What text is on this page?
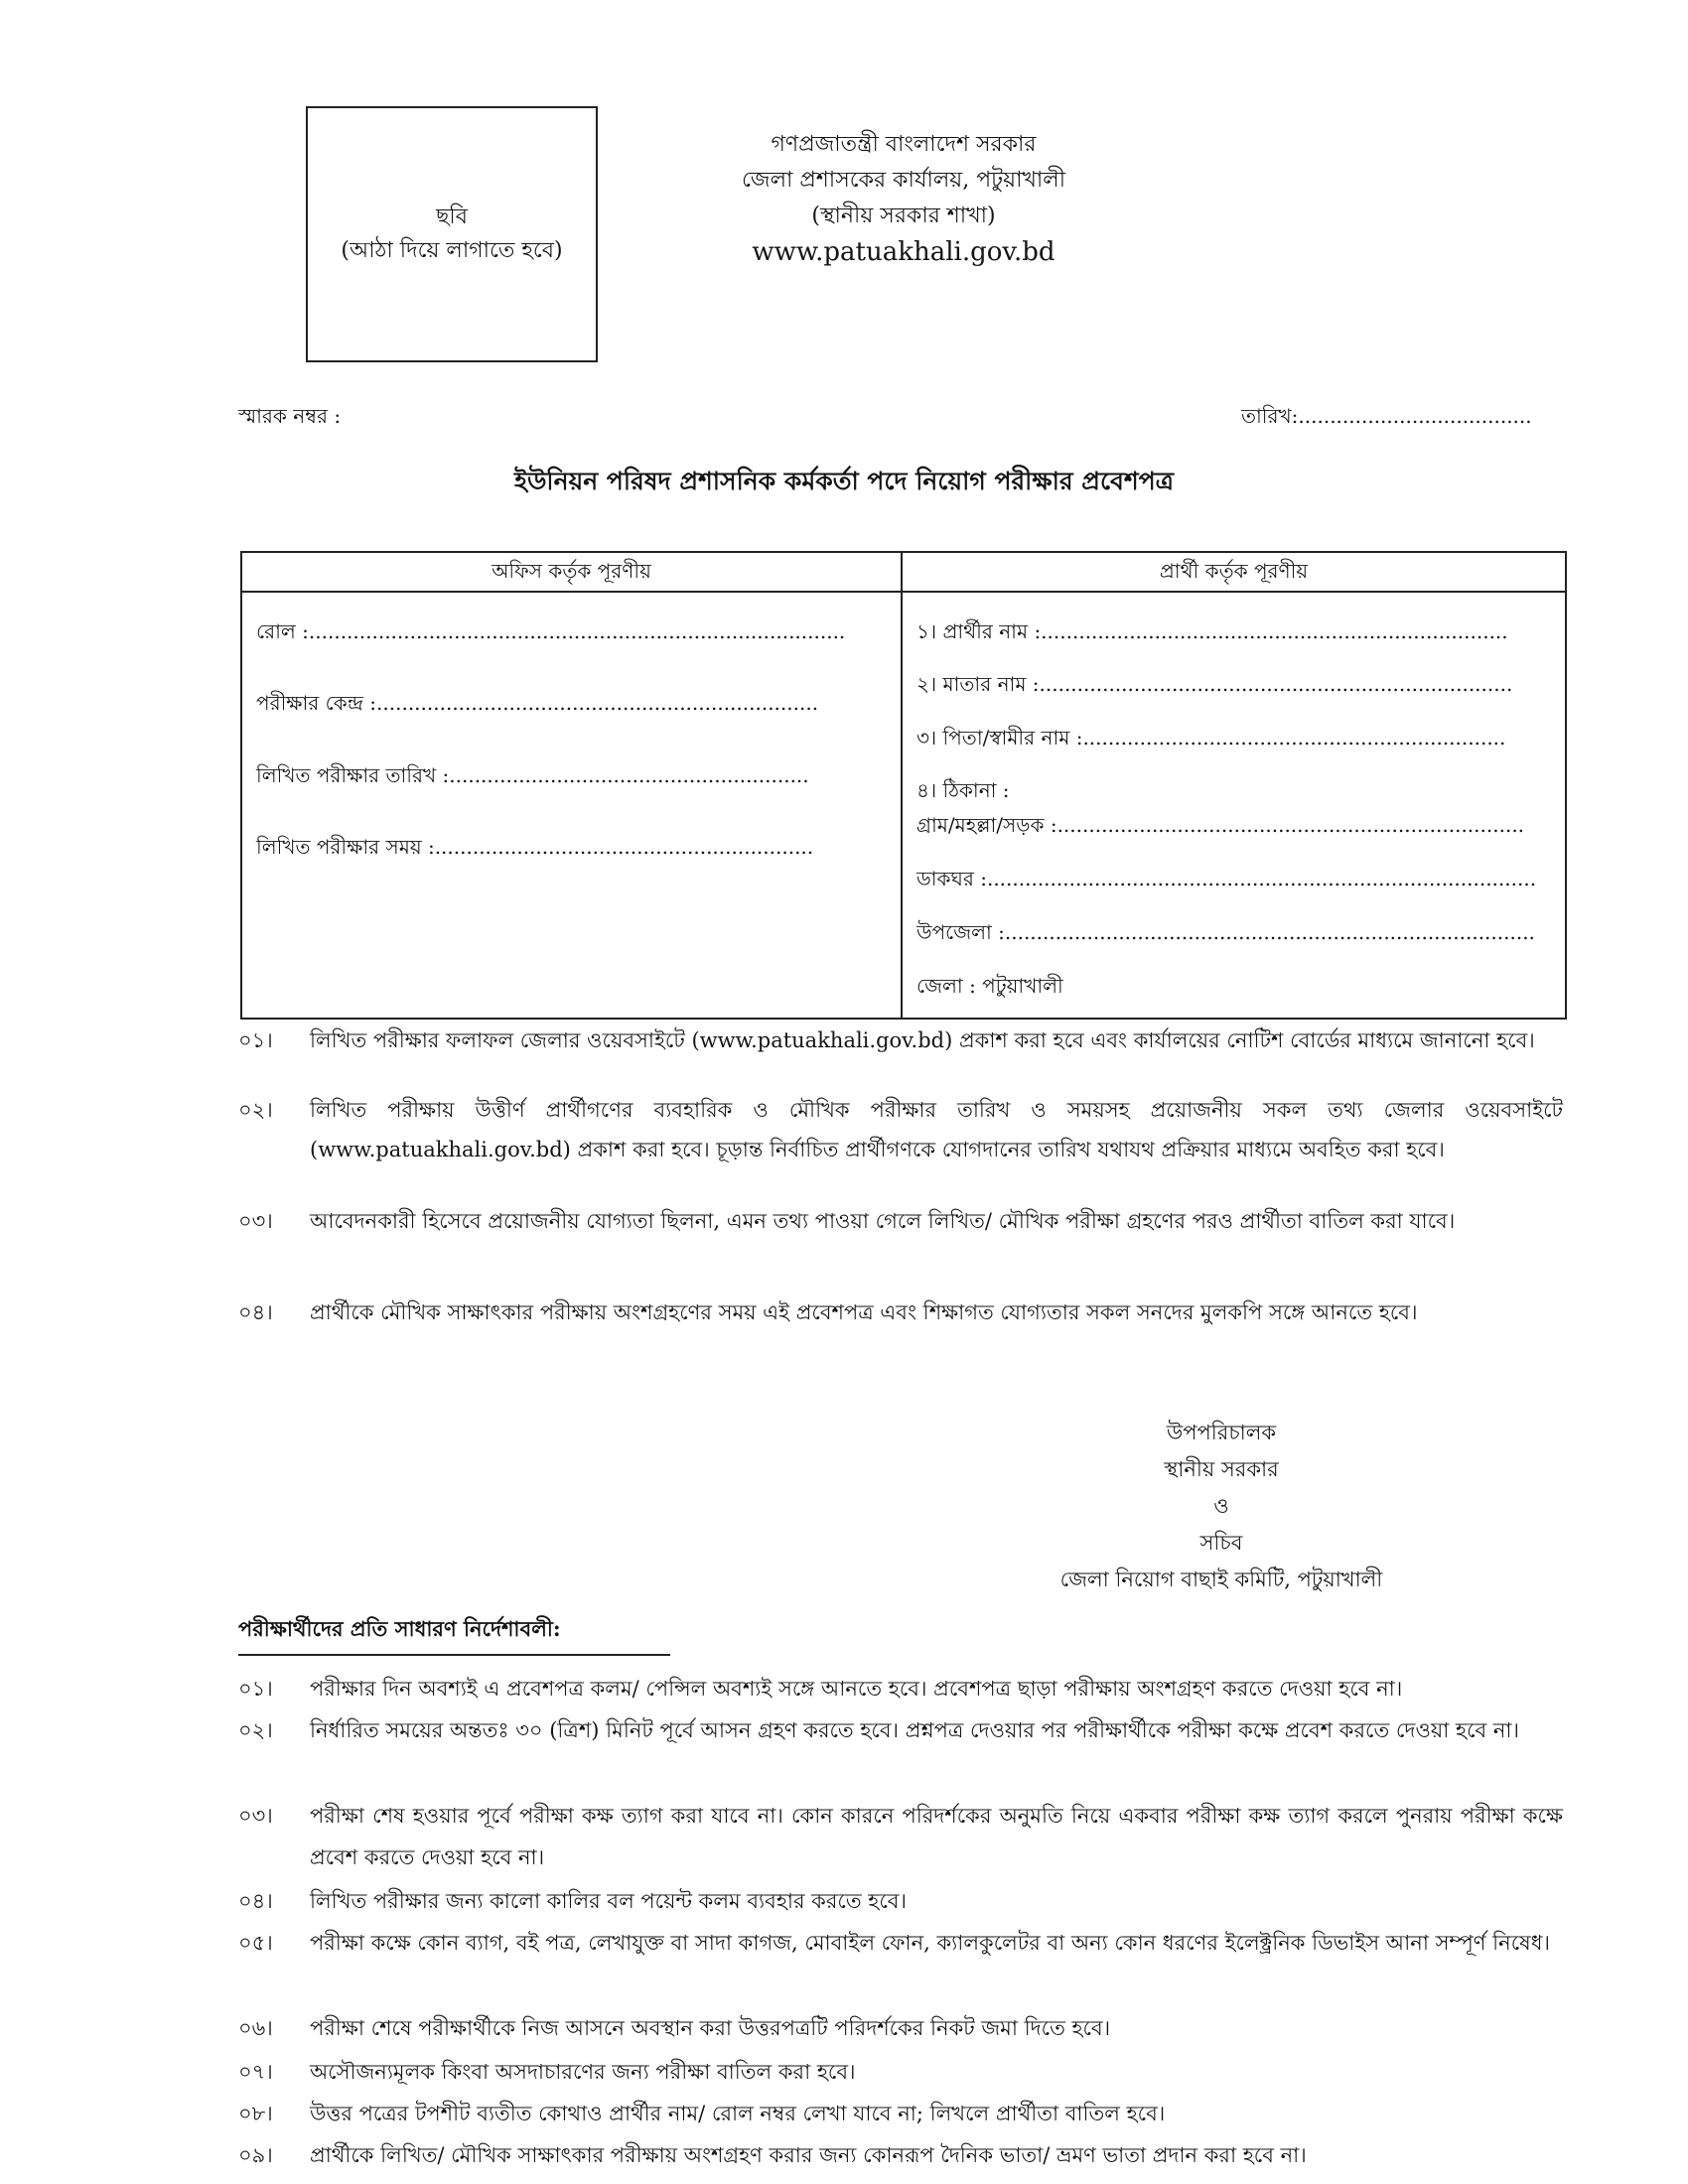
ছবি
(আঠা দিয়ে লাগাতে হবে)
গণপ্রজাতন্ত্রী বাংলাদেশ সরকার
জেলা প্রশাসকের কার্যালয়, পটুয়াখালী
(স্থানীয় সরকার শাখা)
www.patuakhali.gov.bd
স্মারক নম্বর :	তারিখ:.....................................
ইউনিয়ন পরিষদ প্রশাসনিক কর্মকর্তা পদে নিয়োগ পরীক্ষার প্রবেশপত্র
অফিস কর্তৃক পূরণীয়	প্রার্থী কর্তৃক পূরণীয়
রোল :.....................................................................................
পরীক্ষার কেন্দ্র :......................................................................
লিখিত পরীক্ষার তারিখ :.........................................................
লিখিত পরীক্ষার সময় :............................................................
১। প্রার্থীর নাম :..........................................................................
২। মাতার নাম :...........................................................................
৩। পিতা/স্বামীর নাম :...................................................................
৪। ঠিকানা :
গ্রাম/মহল্লা/সড়ক :..........................................................................
ডাকঘর :.......................................................................................
উপজেলা :....................................................................................
জেলা : পটুয়াখালী
০১।	লিখিত পরীক্ষার ফলাফল জেলার ওয়েবসাইটে (www.patuakhali.gov.bd) প্রকাশ করা হবে এবং কার্যালয়ের নোটিশ বোর্ডের মাধ্যমে জানানো হবে।
০২।	লিখিত পরীক্ষায় উত্তীর্ণ প্রার্থীগণের ব্যবহারিক ও মৌখিক পরীক্ষার তারিখ ও সময়সহ প্রয়োজনীয় সকল তথ্য জেলার ওয়েবসাইটে (www.patuakhali.gov.bd) প্রকাশ করা হবে। চূড়ান্ত নির্বাচিত প্রার্থীগণকে যোগদানের তারিখ যথাযথ প্রক্রিয়ার মাধ্যমে অবহিত করা হবে।
০৩।	আবেদনকারী হিসেবে প্রয়োজনীয় যোগ্যতা ছিলনা, এমন তথ্য পাওয়া গেলে লিখিত/ মৌখিক পরীক্ষা গ্রহণের পরও প্রার্থীতা বাতিল করা যাবে।
০৪।	প্রার্থীকে মৌখিক সাক্ষাৎকার পরীক্ষায় অংশগ্রহণের সময় এই প্রবেশপত্র এবং শিক্ষাগত যোগ্যতার সকল সনদের মুলকপি সঙ্গে আনতে হবে।
উপপরিচালক
স্থানীয় সরকার
ও
সচিব
জেলা নিয়োগ বাছাই কমিটি, পটুয়াখালী
পরীক্ষার্থীদের প্রতি সাধারণ নির্দেশাবলী:
০১।	পরীক্ষার দিন অবশ্যই এ প্রবেশপত্র কলম/ পেন্সিল অবশ্যই সঙ্গে আনতে হবে। প্রবেশপত্র ছাড়া পরীক্ষায় অংশগ্রহণ করতে দেওয়া হবে না।
০২।	নির্ধারিত সময়ের অন্ততঃ ৩০ (ত্রিশ) মিনিট পূর্বে আসন গ্রহণ করতে হবে। প্রশ্নপত্র দেওয়ার পর পরীক্ষার্থীকে পরীক্ষা কক্ষে প্রবেশ করতে দেওয়া হবে না।
০৩।	পরীক্ষা শেষ হওয়ার পূর্বে পরীক্ষা কক্ষ ত্যাগ করা যাবে না। কোন কারনে পরিদর্শকের অনুমতি নিয়ে একবার পরীক্ষা কক্ষ ত্যাগ করলে পুনরায় পরীক্ষা কক্ষে প্রবেশ করতে দেওয়া হবে না।
০৪।	লিখিত পরীক্ষার জন্য কালো কালির বল পয়েন্ট কলম ব্যবহার করতে হবে।
০৫।	পরীক্ষা কক্ষে কোন ব্যাগ, বই পত্র, লেখাযুক্ত বা সাদা কাগজ, মোবাইল ফোন, ক্যালকুলেটর বা অন্য কোন ধরণের ইলেক্ট্রনিক ডিভাইস আনা সম্পূর্ণ নিষেধ।
০৬।	পরীক্ষা শেষে পরীক্ষার্থীকে নিজ আসনে অবস্থান করা উত্তরপত্রটি পরিদর্শকের নিকট জমা দিতে হবে।
০৭।	অসৌজন্যমূলক কিংবা অসদাচারণের জন্য পরীক্ষা বাতিল করা হবে।
০৮।	উত্তর পত্রের টপশীট ব্যতীত কোথাও প্রার্থীর নাম/ রোল নম্বর লেখা যাবে না; লিখলে প্রার্থীতা বাতিল হবে।
০৯।	প্রার্থীকে লিখিত/ মৌখিক সাক্ষাৎকার পরীক্ষায় অংশগ্রহণ করার জন্য কোনরূপ দৈনিক ভাতা/ ভ্রমণ ভাতা প্রদান করা হবে না।
